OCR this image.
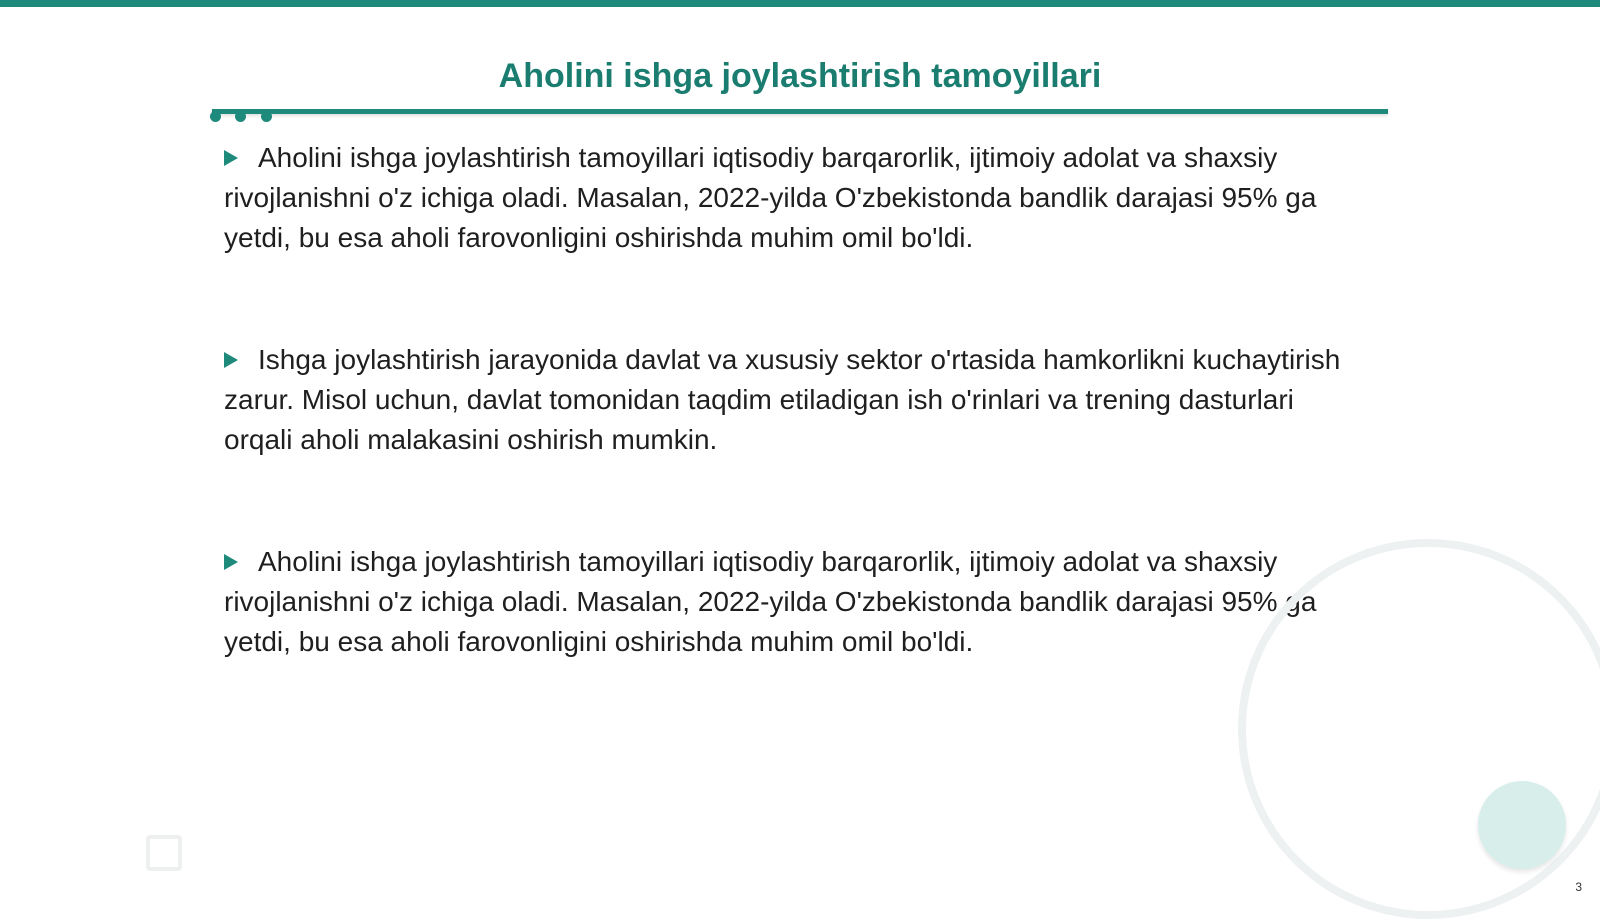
Aholini ishga joylashtirish tamoyillari

Aholini ishga joylashtirish tamoyillari iqtisodiy barqarorlik, ijtimoiy adolat va shaxsiy rivojlanishni o'z ichiga oladi. Masalan, 2022-yilda O'zbekistonda bandlik darajasi 95% ga yetdi, bu esa aholi farovonligini oshirishda muhim omil bo'ldi.

Ishga joylashtirish jarayonida davlat va xususiy sektor o'rtasida hamkorlikni kuchaytirish zarur. Misol uchun, davlat tomonidan taqdim etiladigan ish o'rinlari va trening dasturlari orqali aholi malakasini oshirish mumkin.

Aholini ishga joylashtirish tamoyillari iqtisodiy barqarorlik, ijtimoiy adolat va shaxsiy rivojlanishni o'z ichiga oladi. Masalan, 2022-yilda O'zbekistonda bandlik darajasi 95% ga yetdi, bu esa aholi farovonligini oshirishda muhim omil bo'ldi.

3
